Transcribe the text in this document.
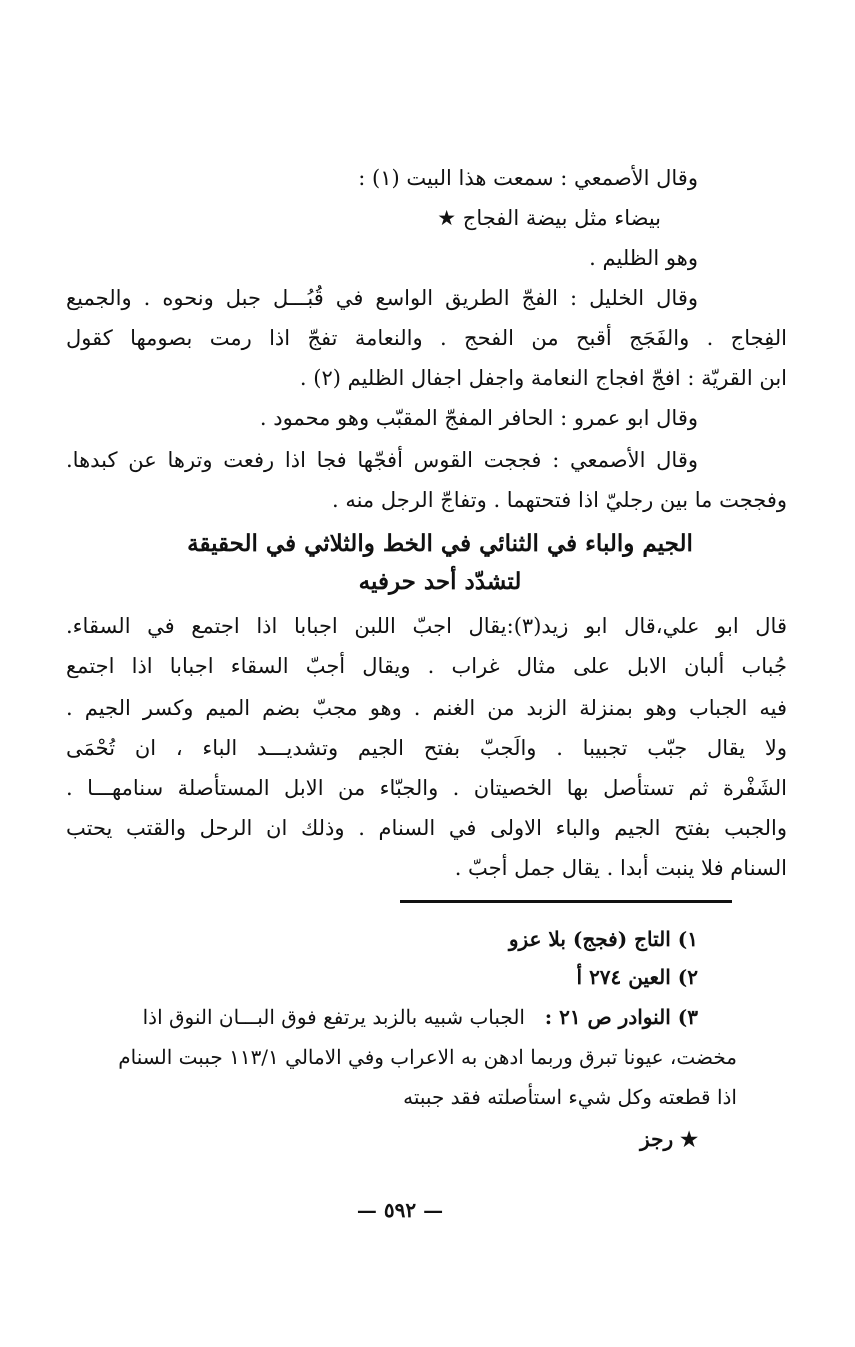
وقال الأصمعي : سمعت هذا البيت (١) :
بيضاء مثل بيضة الفجاج ★
وهو الظليم .
وقال الخليل : الفجّ الطريق الواسع في قُبُـــل جبل ونحوه . والجميع
الفِجاج . والفَجَج أقبح من الفحج . والنعامة تفجّ اذا رمت بصومها كقول
ابن القريّة : افجّ افجاج النعامة واجفل اجفال الظليم (٢) .
وقال ابو عمرو : الحافر المفجّ المقبّب وهو محمود .
وقال الأصمعي : فججت القوس أفجّها فجا اذا رفعت وترها عن كبدها.
وفججت ما بين رجليّ اذا فتحتهما . وتفاجّ الرجل منه .
الجيم والباء في الثنائي في الخط والثلاثي في الحقيقة
لتشدّد أحد حرفيه
قال ابو علي،قال ابو زيد(٣):يقال اجبّ اللبن اجبابا اذا اجتمع في السقاء.
جُباب ألبان الابل على مثال غراب . ويقال أجبّ السقاء اجبابا اذا اجتمع
فيه الجباب وهو بمنزلة الزبد من الغنم . وهو مجبّ بضم الميم وكسر الجيم .
ولا يقال جبّب تجبيبا . والَجبّ بفتح الجيم وتشديـــد الباء ، ان تُحْمَى
الشَفْرة ثم تستأصل بها الخصيتان . والجبّاء من الابل المستأصلة سنامهـــا .
والجبب بفتح الجيم والباء الاولى في السنام . وذلك ان الرحل والقتب يحتب
السنام فلا ينبت أبدا . يقال جمل أجبّ .
١) التاج (فجج) بلا عزو
٢) العين ٢٧٤ أ
٣) النوادر ص ٢١ :
الجباب شبيه بالزبد يرتفع فوق البـــان النوق اذا
مخضت، عيونا تبرق وربما ادهن به الاعراب وفي الامالي ١١٣/١ جببت السنام
اذا قطعته وكل شيء استأصلته فقد جببته
★ رجز
— ٥٩٢ —
